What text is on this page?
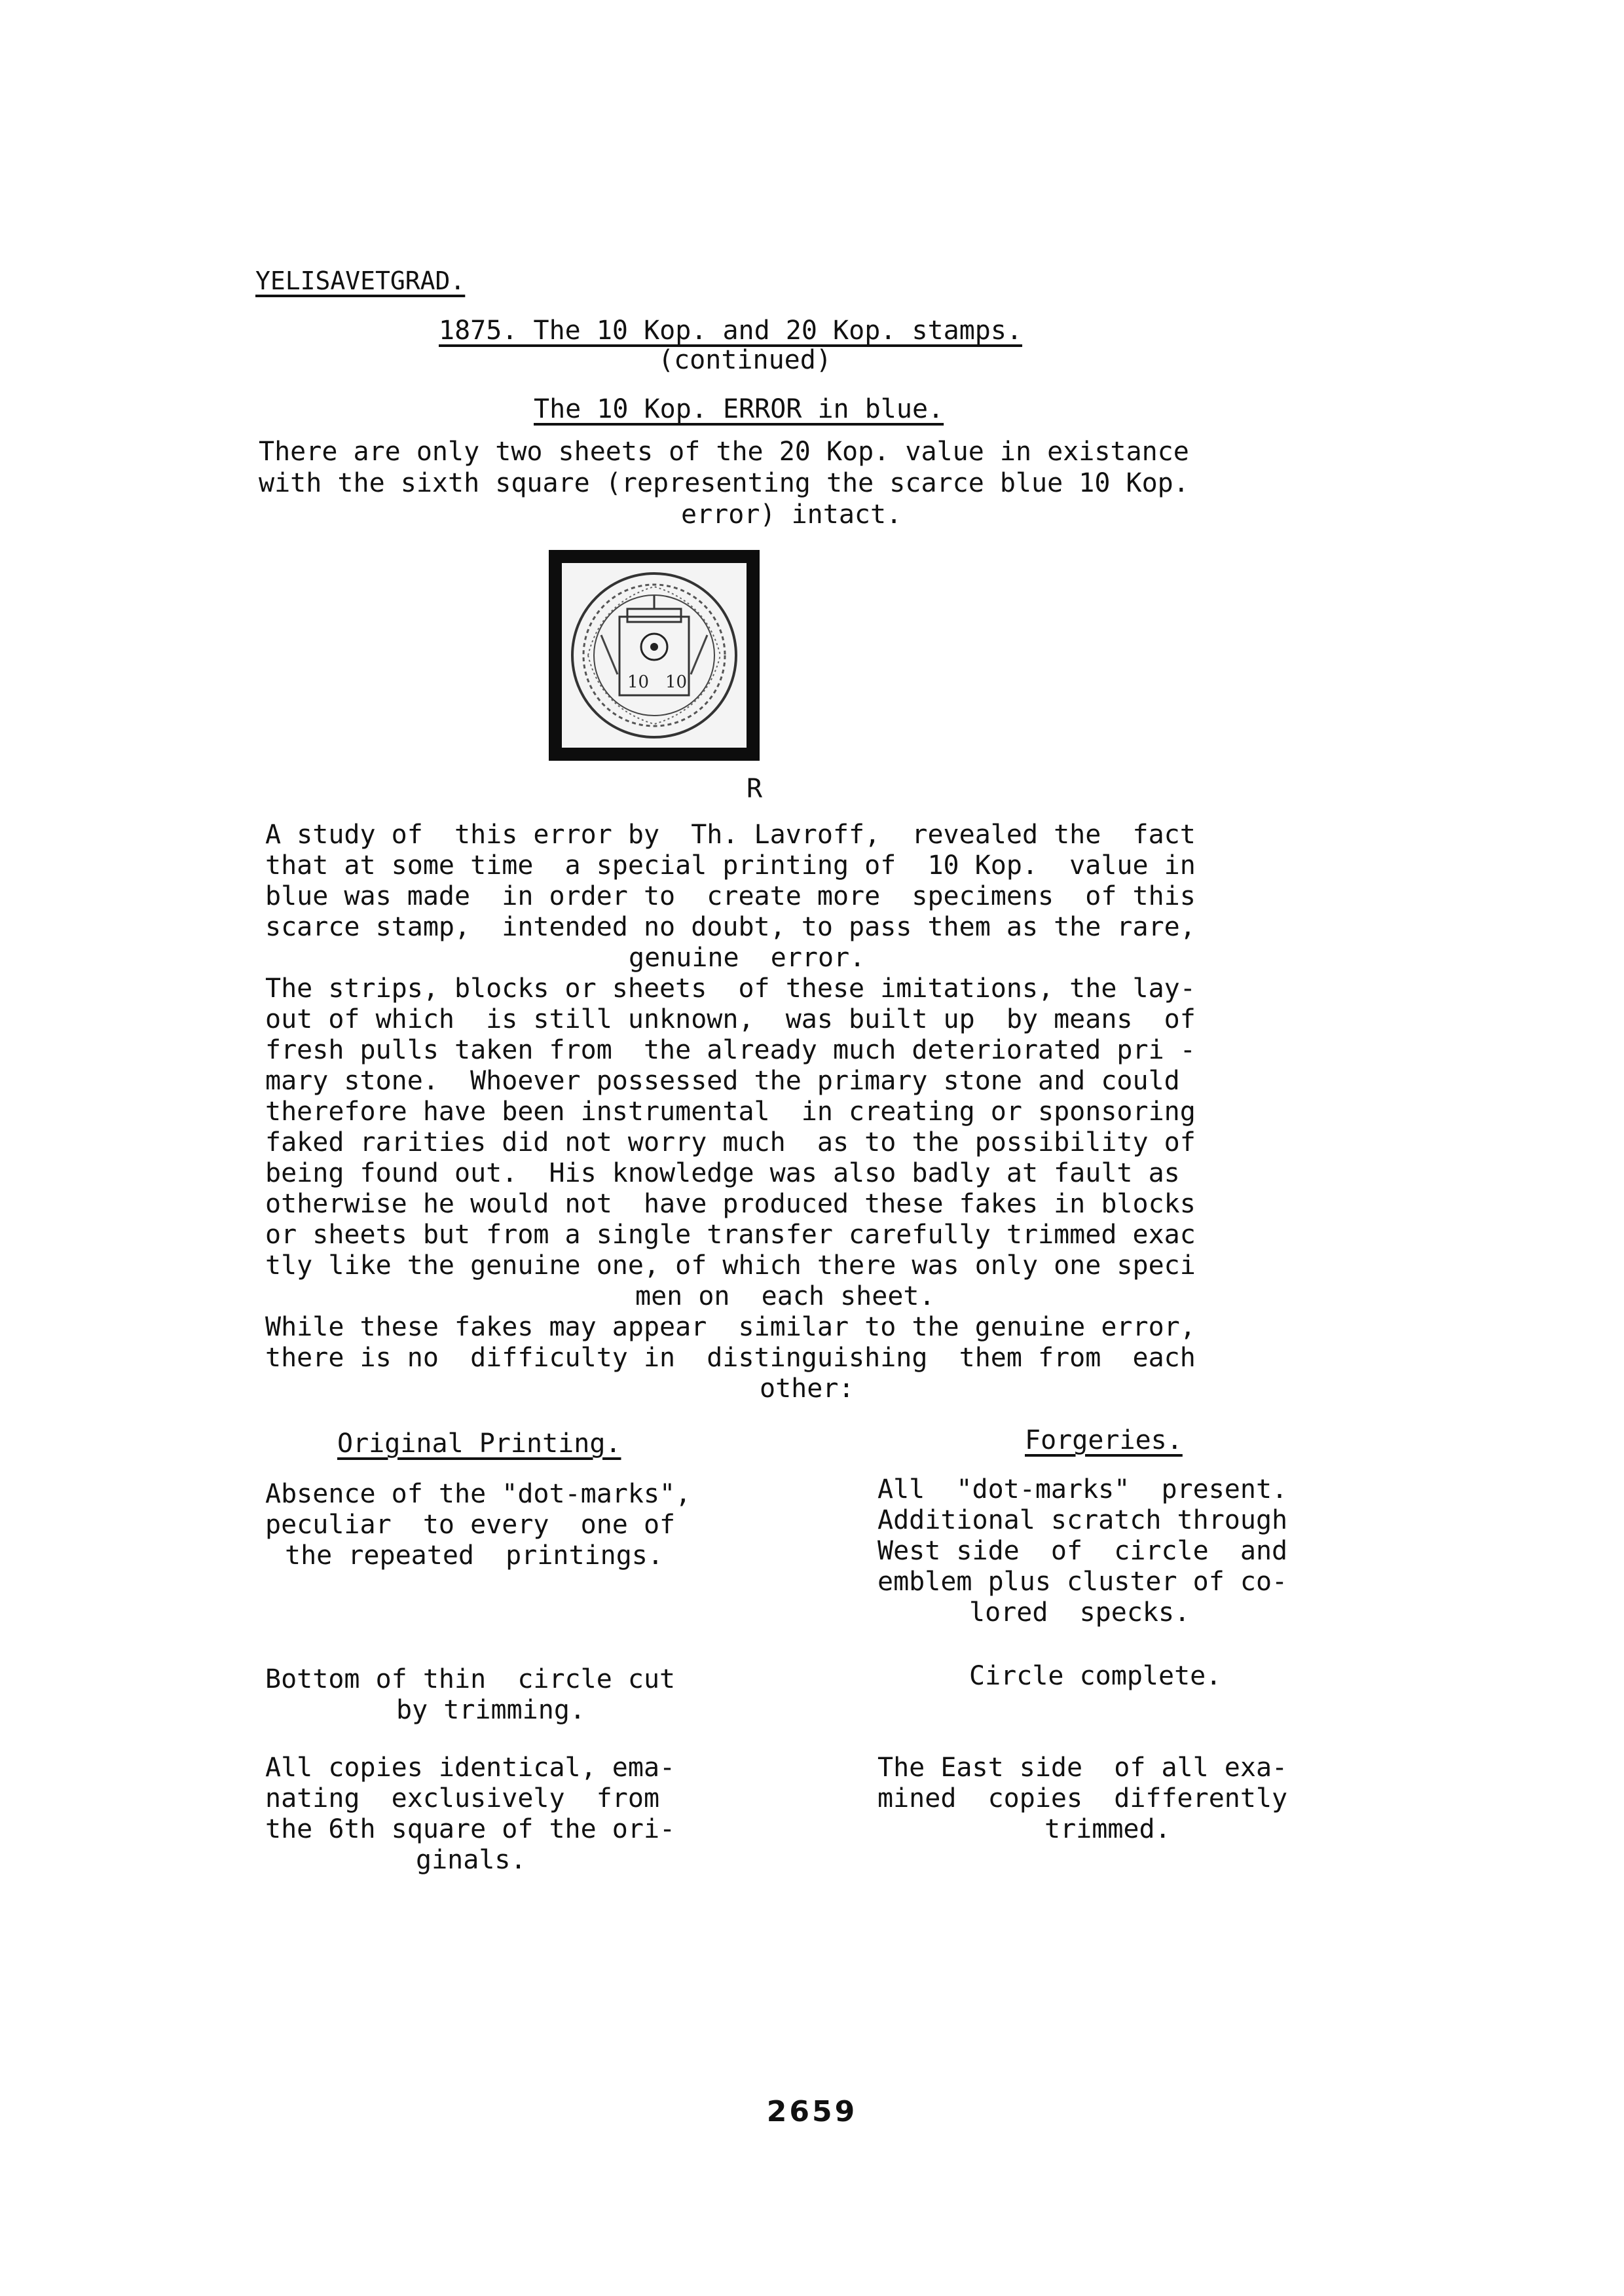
YELISAVETGRAD.
1875. The 10 Kop. and 20 Kop. stamps.
(continued)
The 10 Kop. ERROR in blue.
There are only two sheets of the 20 Kop. value in existance
with the sixth square (representing the scarce blue 10 Kop.
error) intact.
10 10
R
A study of  this error by  Th. Lavroff,  revealed the  fact
that at some time  a special printing of  10 Kop.  value in
blue was made  in order to  create more  specimens  of this
scarce stamp,  intended no doubt, to pass them as the rare,
genuine  error.
The strips, blocks or sheets  of these imitations, the lay-
out of which  is still unknown,  was built up  by means  of
fresh pulls taken from  the already much deteriorated pri -
mary stone.  Whoever possessed the primary stone and could
therefore have been instrumental  in creating or sponsoring
faked rarities did not worry much  as to the possibility of
being found out.  His knowledge was also badly at fault as
otherwise he would not  have produced these fakes in blocks
or sheets but from a single transfer carefully trimmed exac
tly like the genuine one, of which there was only one speci
men on  each sheet.
While these fakes may appear  similar to the genuine error,
there is no  difficulty in  distinguishing  them from  each
other:
Original Printing.	Forgeries.
Absence of the "dot-marks",
peculiar  to every  one of
the repeated  printings.
All  "dot-marks"  present.
Additional scratch through
West side  of  circle  and
emblem plus cluster of co-
lored  specks.
Bottom of thin  circle cut
by trimming.
Circle complete.
All copies identical, ema-
nating  exclusively  from
the 6th square of the ori-
ginals.
The East side  of all exa-
mined  copies  differently
trimmed.
2659
